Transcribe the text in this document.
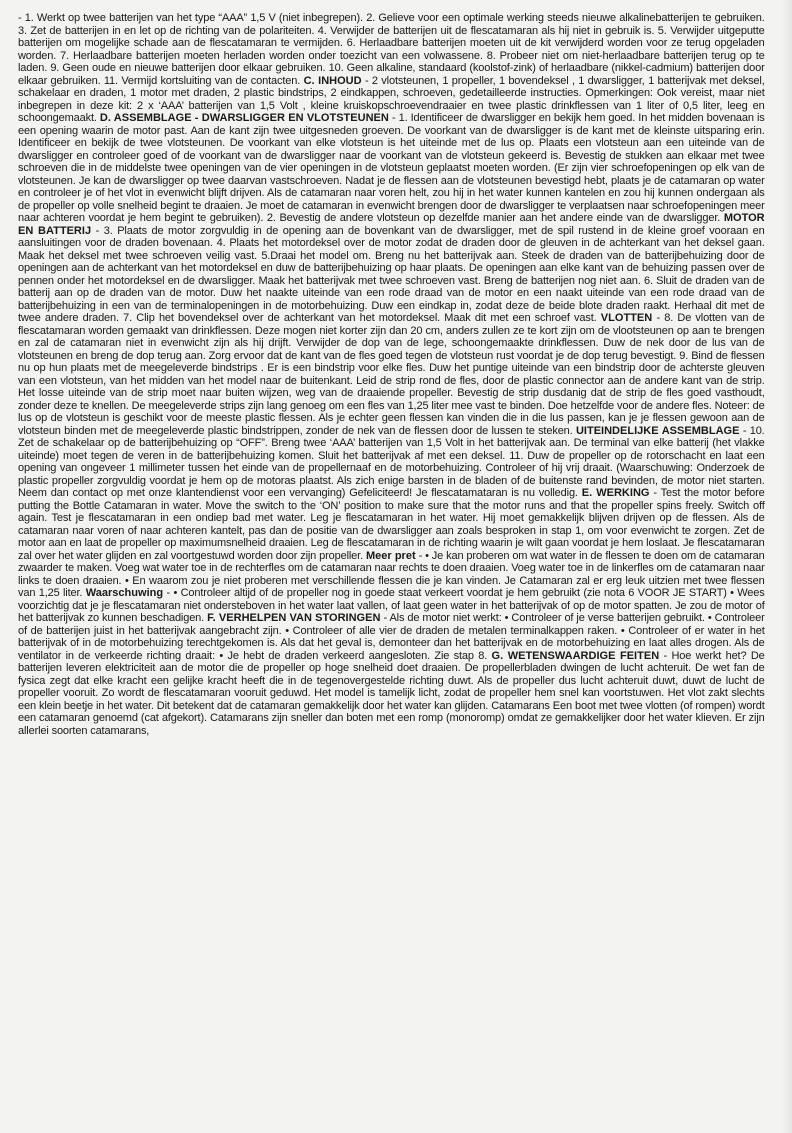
- 1. Werkt op twee batterijen van het type “AAA” 1,5 V (niet inbegrepen). 2. Gelieve voor een optimale werking steeds nieuwe alkalinebatterijen te gebruiken. 3. Zet de batterijen in en let op de richting van de polariteiten. 4. Verwijder de batterijen uit de flescatamaran als hij niet in gebruik is. 5. Verwijder uitgeputte batterijen om mogelijke schade aan de flescatamaran te vermijden. 6. Herlaadbare batterijen moeten uit de kit verwijderd worden voor ze terug opgeladen worden. 7. Herlaadbare batterijen moeten herladen worden onder toezicht van een volwassene. 8. Probeer niet om niet-herlaadbare batterijen terug op te laden. 9. Geen oude en nieuwe batterijen door elkaar gebruiken. 10. Geen alkaline, standaard (koolstof-zink) of herlaadbare (nikkel-cadmium) batterijen door elkaar gebruiken. 11. Vermijd kortsluiting van de contacten. C. INHOUD - 2 vlotsteunen, 1 propeller, 1 bovendeksel , 1 dwarsligger, 1 batterijvak met deksel, schakelaar en draden, 1 motor met draden, 2 plastic bindstrips, 2 eindkappen, schroeven, gedetailleerde instructies. Opmerkingen: Ook vereist, maar niet inbegrepen in deze kit: 2 x ‘AAA’ batterijen van 1,5 Volt , kleine kruiskopschroevendraaier en twee plastic drinkflessen van 1 liter of 0,5 liter, leeg en schoongemaakt. D. ASSEMBLAGE - DWARSLIGGER EN VLOTSTEUNEN - 1. Identificeer de dwarsligger en bekijk hem goed. In het midden bovenaan is een opening waarin de motor past. Aan de kant zijn twee uitgesneden groeven. De voorkant van de dwarsligger is de kant met de kleinste uitsparing erin. Identificeer en bekijk de twee vlotsteunen. De voorkant van elke vlotsteun is het uiteinde met de lus op. Plaats een vlotsteun aan een uiteinde van de dwarsligger en controleer goed of de voorkant van de dwarsligger naar de voorkant van de vlotsteun gekeerd is. Bevestig de stukken aan elkaar met twee schroeven die in de middelste twee openingen van de vier openingen in de vlotsteun geplaatst moeten worden. (Er zijn vier schroefopeningen op elk van de vlotsteunen. Je kan de dwarsligger op twee daarvan vastschroeven. Nadat je de flessen aan de vlotsteunen bevestigd hebt, plaats je de catamaran op water en controleer je of het vlot in evenwicht blijft drijven. Als de catamaran naar voren helt, zou hij in het water kunnen kantelen en zou hij kunnen ondergaan als de propeller op volle snelheid begint te draaien. Je moet de catamaran in evenwicht brengen door de dwarsligger te verplaatsen naar schroefopeningen meer naar achteren voordat je hem begint te gebruiken). 2. Bevestig de andere vlotsteun op dezelfde manier aan het andere einde van de dwarsligger. MOTOR EN BATTERIJ - 3. Plaats de motor zorgvuldig in de opening aan de bovenkant van de dwarsligger, met de spil rustend in de kleine groef vooraan en aansluitingen voor de draden bovenaan. 4. Plaats het motordeksel over de motor zodat de draden door de gleuven in de achterkant van het deksel gaan. Maak het deksel met twee schroeven veilig vast. 5.Draai het model om. Breng nu het batterijvak aan. Steek de draden van de batterijbehuizing door de openingen aan de achterkant van het motordeksel en duw de batterijbehuizing op haar plaats. De openingen aan elke kant van de behuizing passen over de pennen onder het motordeksel en de dwarsligger. Maak het batterijvak met twee schroeven vast. Breng de batterijen nog niet aan. 6. Sluit de draden van de batterij aan op de draden van de motor. Duw het naakte uiteinde van een rode draad van de motor en een naakt uiteinde van een rode draad van de batterijbehuizing in een van de terminalopeningen in de motorbehuizing. Duw een eindkap in, zodat deze de beide blote draden raakt. Herhaal dit met de twee andere draden. 7. Clip het bovendeksel over de achterkant van het motordeksel. Maak dit met een schroef vast. VLOTTEN - 8. De vlotten van de flescatamaran worden gemaakt van drinkflessen. Deze mogen niet korter zijn dan 20 cm, anders zullen ze te kort zijn om de vlootsteunen op aan te brengen en zal de catamaran niet in evenwicht zijn als hij drijft. Verwijder de dop van de lege, schoongemaakte drinkflessen. Duw de nek door de lus van de vlotsteunen en breng de dop terug aan. Zorg ervoor dat de kant van de fles goed tegen de vlotsteun rust voordat je de dop terug bevestigt. 9. Bind de flessen nu op hun plaats met de meegeleverde bindstrips . Er is een bindstrip voor elke fles. Duw het puntige uiteinde van een bindstrip door de achterste gleuven van een vlotsteun, van het midden van het model naar de buitenkant. Leid de strip rond de fles, door de plastic connector aan de andere kant van de strip. Het losse uiteinde van de strip moet naar buiten wijzen, weg van de draaiende propeller. Bevestig de strip dusdanig dat de strip de fles goed vasthoudt, zonder deze te knellen. De meegeleverde strips zijn lang genoeg om een fles van 1,25 liter mee vast te binden. Doe hetzelfde voor de andere fles. Noteer: de lus op de vlotsteun is geschikt voor de meeste plastic flessen. Als je echter geen flessen kan vinden die in die lus passen, kan je je flessen gewoon aan de vlotsteun binden met de meegeleverde plastic bindstrippen, zonder de nek van de flessen door de lussen te steken. UITEINDELIJKE ASSEMBLAGE - 10. Zet de schakelaar op de batterijbehuizing op “OFF”. Breng twee ‘AAA’ batterijen van 1,5 Volt in het batterijvak aan. De terminal van elke batterij (het vlakke uiteinde) moet tegen de veren in de batterijbehuizing komen. Sluit het batterijvak af met een deksel. 11. Duw de propeller op de rotorschacht en laat een opening van ongeveer 1 millimeter tussen het einde van de propellernaaf en de motorbehuizing. Controleer of hij vrij draait. (Waarschuwing: Onderzoek de plastic propeller zorgvuldig voordat je hem op de motoras plaatst. Als zich enige barsten in de bladen of de buitenste rand bevinden, de motor niet starten. Neem dan contact op met onze klantendienst voor een vervanging) Gefeliciteerd! Je flescatamataran is nu volledig. E. WERKING - Test the motor before putting the Bottle Catamaran in water. Move the switch to the ‘ON’ position to make sure that the motor runs and that the propeller spins freely. Switch off again. Test je flescatamaran in een ondiep bad met water. Leg je flescatamaran in het water. Hij moet gemakkelijk blijven drijven op de flessen. Als de catamaran naar voren of naar achteren kantelt, pas dan de positie van de dwarsligger aan zoals besproken in stap 1, om voor evenwicht te zorgen. Zet de motor aan en laat de propeller op maximumsnelheid draaien. Leg de flescatamaran in de richting waarin je wilt gaan voordat je hem loslaat. Je flescatamaran zal over het water glijden en zal voortgestuwd worden door zijn propeller. Meer pret - • Je kan proberen om wat water in de flessen te doen om de catamaran zwaarder te maken. Voeg wat water toe in de rechterfles om de catamaran naar rechts te doen draaien. Voeg water toe in de linkerfles om de catamaran naar links te doen draaien. • En waarom zou je niet proberen met verschillende flessen die je kan vinden. Je Catamaran zal er erg leuk uitzien met twee flessen van 1,25 liter. Waarschuwing - • Controleer altijd of de propeller nog in goede staat verkeert voordat je hem gebruikt (zie nota 6 VOOR JE START) • Wees voorzichtig dat je je flescatamaran niet ondersteboven in het water laat vallen, of laat geen water in het batterijvak of op de motor spatten. Je zou de motor of het batterijvak zo kunnen beschadigen. F. VERHELPEN VAN STORINGEN - Als de motor niet werkt: • Controleer of je verse batterijen gebruikt. • Controleer of de batterijen juist in het batterijvak aangebracht zijn. • Controleer of alle vier de draden de metalen terminalkappen raken. • Controleer of er water in het batterijvak of in de motorbehuizing terechtgekomen is. Als dat het geval is, demonteer dan het batterijvak en de motorbehuizing en laat alles drogen. Als de ventilator in de verkeerde richting draait: • Je hebt de draden verkeerd aangesloten. Zie stap 8. G. WETENSWAARDIGE FEITEN - Hoe werkt het? De batterijen leveren elektriciteit aan de motor die de propeller op hoge snelheid doet draaien. De propellerbladen dwingen de lucht achteruit. De wet fan de fysica zegt dat elke kracht een gelijke kracht heeft die in de tegenovergestelde richting duwt. Als de propeller dus lucht achteruit duwt, duwt de lucht de propeller vooruit. Zo wordt de flescatamaran vooruit geduwd. Het model is tamelijk licht, zodat de propeller hem snel kan voortstuwen. Het vlot zakt slechts een klein beetje in het water. Dit betekent dat de catamaran gemakkelijk door het water kan glijden. Catamarans Een boot met twee vlotten (of rompen) wordt een catamaran genoemd (cat afgekort). Catamarans zijn sneller dan boten met een romp (monoromp) omdat ze gemakkelijker door het water klieven. Er zijn allerlei soorten catamarans,
